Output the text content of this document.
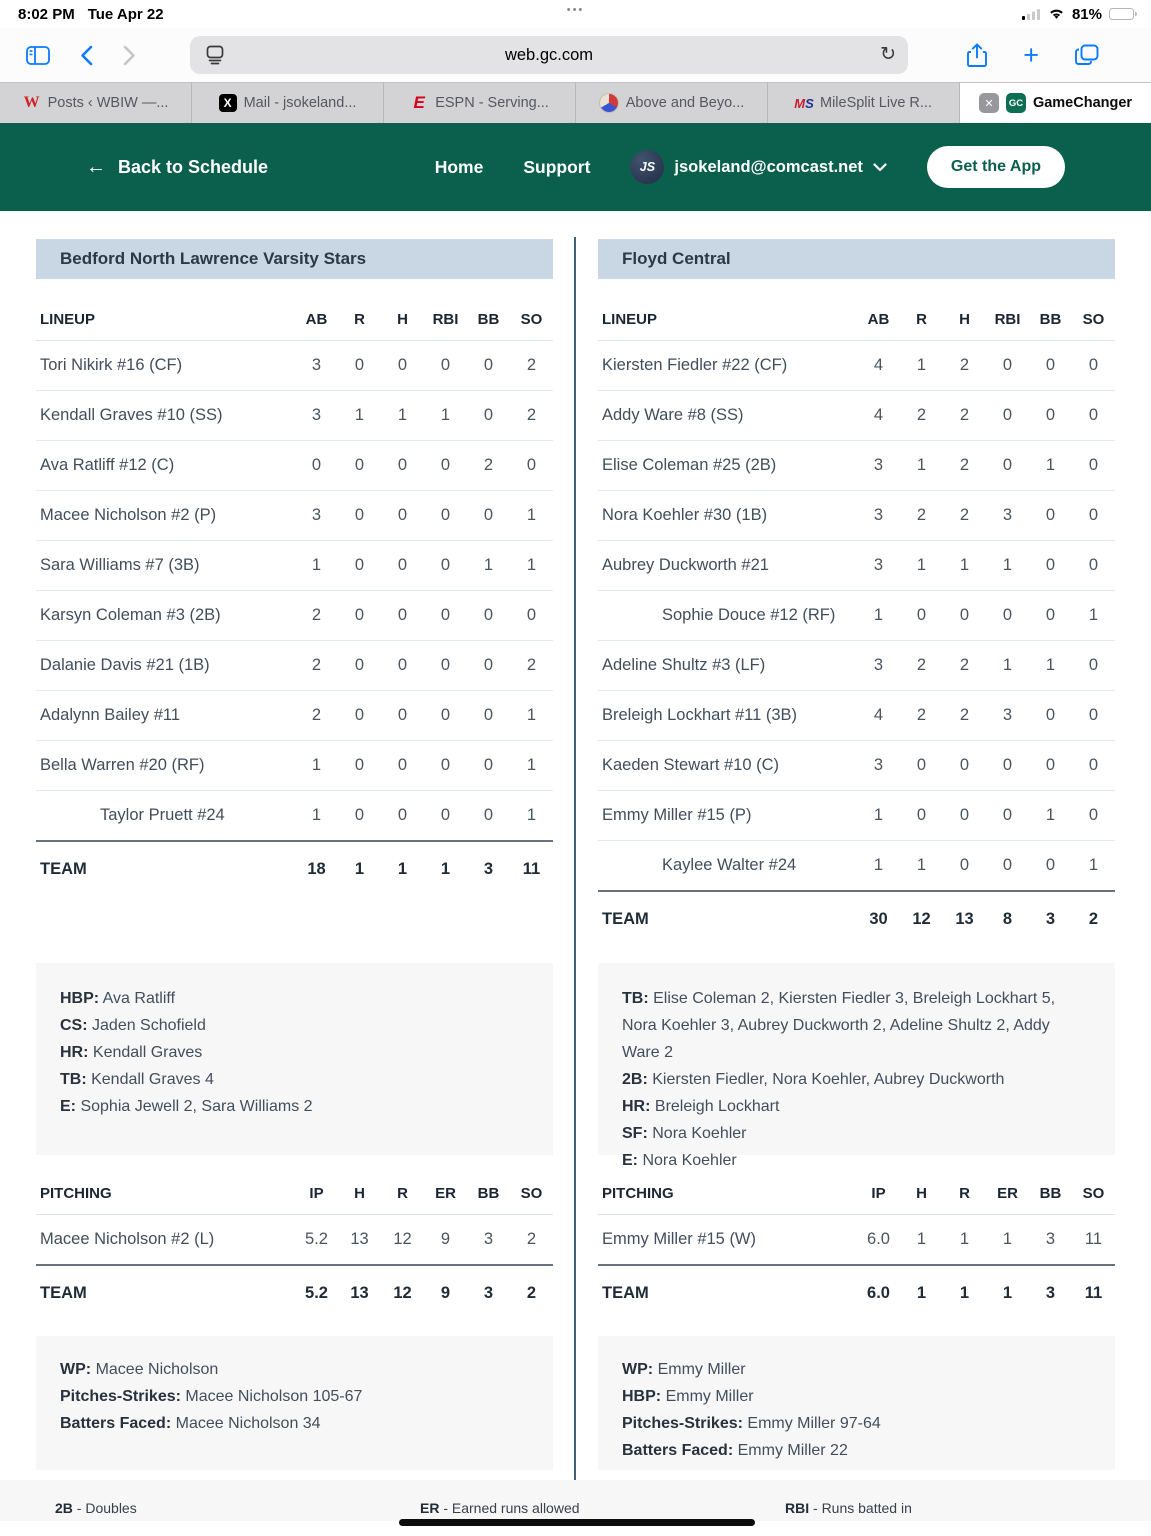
8:02 PM Tue Apr 22	•••	81%
web.gc.com	↻	+
W Posts ‹ WBIW —...	X Mail - jsokeland...	E ESPN - Serving...	Above and Beyo...	M S MileSplit Live R...	✕	GC GameChanger
← Back to Schedule	Home Support	JS	jsokeland@comcast.net	Get the App
Bedford North Lawrence Varsity Stars
LINEUP	AB	R	H	RBI	BB	SO
Tori Nikirk #16 (CF)	3	0	0	0	0	2
Kendall Graves #10 (SS)	3	1	1	1	0	2
Ava Ratliff #12 (C)	0	0	0	0	2	0
Macee Nicholson #2 (P)	3	0	0	0	0	1
Sara Williams #7 (3B)	1	0	0	0	1	1
Karsyn Coleman #3 (2B)	2	0	0	0	0	0
Dalanie Davis #21 (1B)	2	0	0	0	0	2
Adalynn Bailey #11	2	0	0	0	0	1
Bella Warren #20 (RF)	1	0	0	0	0	1
Taylor Pruett #24	1	0	0	0	0	1
TEAM	18	1	1	1	3	11
HBP: Ava Ratliff
CS: Jaden Schofield
HR: Kendall Graves
TB: Kendall Graves 4
E: Sophia Jewell 2, Sara Williams 2
PITCHING	IP	H	R	ER	BB	SO
Macee Nicholson #2 (L)	5.2	13	12	9	3	2
TEAM	5.2	13	12	9	3	2
WP: Macee Nicholson
Pitches-Strikes: Macee Nicholson 105-67
Batters Faced: Macee Nicholson 34
Floyd Central
LINEUP	AB	R	H	RBI	BB	SO
Kiersten Fiedler #22 (CF)	4	1	2	0	0	0
Addy Ware #8 (SS)	4	2	2	0	0	0
Elise Coleman #25 (2B)	3	1	2	0	1	0
Nora Koehler #30 (1B)	3	2	2	3	0	0
Aubrey Duckworth #21	3	1	1	1	0	0
Sophie Douce #12 (RF)	1	0	0	0	0	1
Adeline Shultz #3 (LF)	3	2	2	1	1	0
Breleigh Lockhart #11 (3B)	4	2	2	3	0	0
Kaeden Stewart #10 (C)	3	0	0	0	0	0
Emmy Miller #15 (P)	1	0	0	0	1	0
Kaylee Walter #24	1	1	0	0	0	1
TEAM	30	12	13	8	3	2
TB: Elise Coleman 2, Kiersten Fiedler 3, Breleigh Lockhart 5, Nora Koehler 3, Aubrey Duckworth 2, Adeline Shultz 2, Addy Ware 2
2B: Kiersten Fiedler, Nora Koehler, Aubrey Duckworth
HR: Breleigh Lockhart
SF: Nora Koehler
E: Nora Koehler
PITCHING	IP	H	R	ER	BB	SO
Emmy Miller #15 (W)	6.0	1	1	1	3	11
TEAM	6.0	1	1	1	3	11
WP: Emmy Miller
HBP: Emmy Miller
Pitches-Strikes: Emmy Miller 97-64
Batters Faced: Emmy Miller 22
2B - Doubles	ER - Earned runs allowed	RBI - Runs batted in
